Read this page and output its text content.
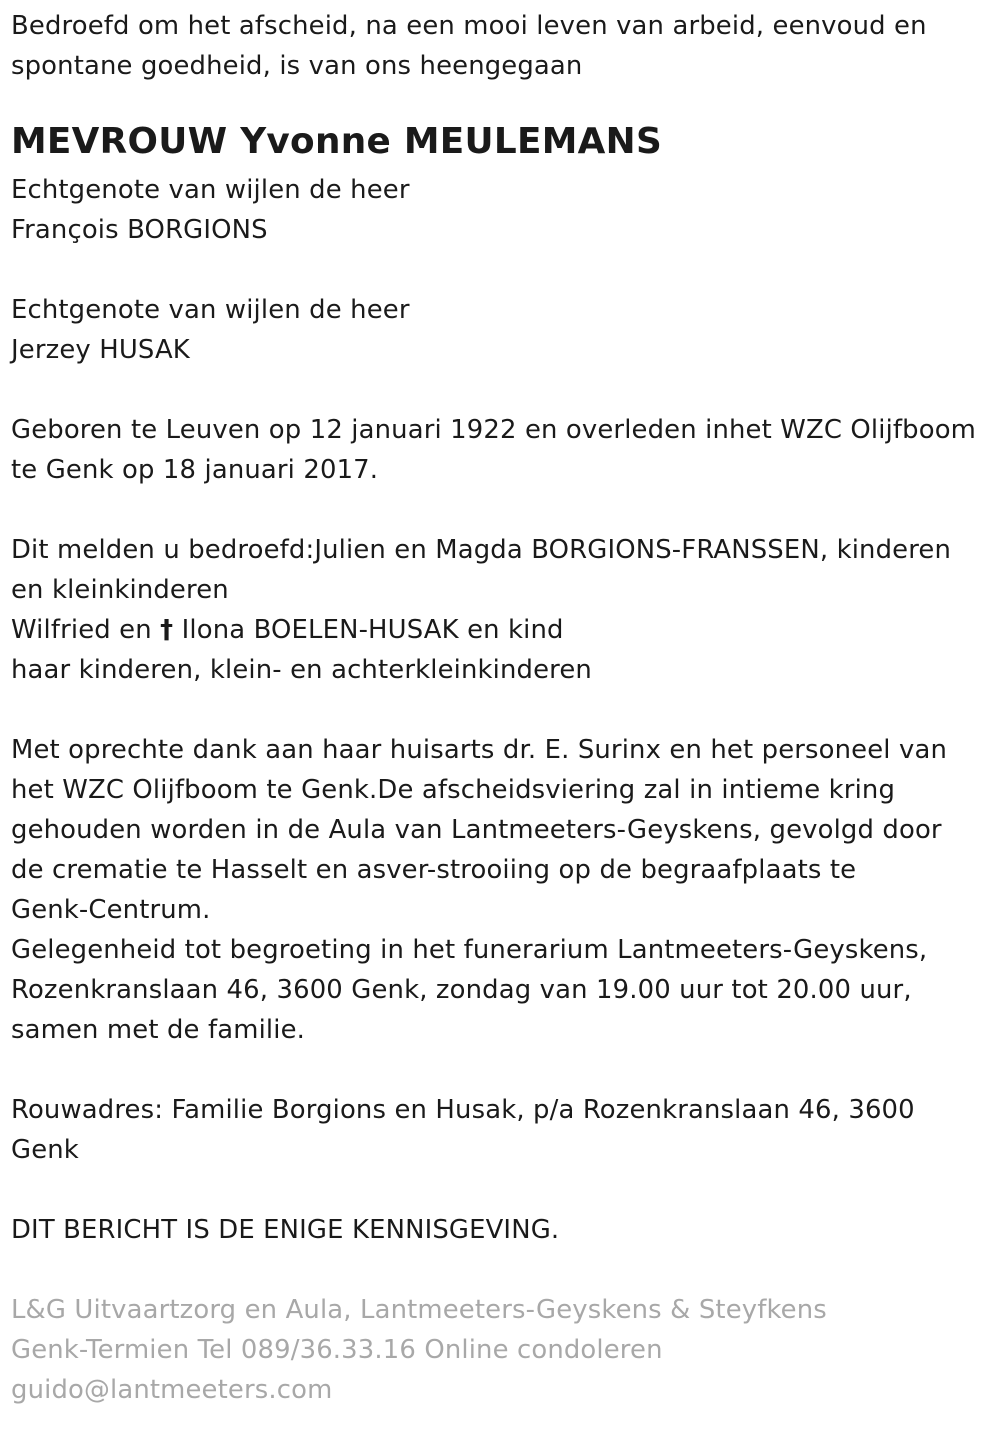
Bedroefd om het afscheid, na een mooi leven van arbeid, eenvoud en
spontane goedheid, is van ons heengegaan
MEVROUW Yvonne MEULEMANS
Echtgenote van wijlen de heer
François BORGIONS
Echtgenote van wijlen de heer
Jerzey HUSAK
Geboren te Leuven op 12 januari 1922 en overleden inhet WZC Olijfboom
te Genk op 18 januari 2017.
Dit melden u bedroefd:Julien en Magda BORGIONS-FRANSSEN, kinderen
en kleinkinderen
Wilfried en † Ilona BOELEN-HUSAK en kind
haar kinderen, klein- en achterkleinkinderen
Met oprechte dank aan haar huisarts dr. E. Surinx en het personeel van
het WZC Olijfboom te Genk.De afscheidsviering zal in intieme kring
gehouden worden in de Aula van Lantmeeters-Geyskens, gevolgd door
de crematie te Hasselt en asver-strooiing op de begraafplaats te
Genk-Centrum.
Gelegenheid tot begroeting in het funerarium Lantmeeters-Geyskens,
Rozenkranslaan 46, 3600 Genk, zondag van 19.00 uur tot 20.00 uur,
samen met de familie.
Rouwadres: Familie Borgions en Husak, p/a Rozenkranslaan 46, 3600
Genk
DIT BERICHT IS DE ENIGE KENNISGEVING.
L&G Uitvaartzorg en Aula, Lantmeeters-Geyskens & Steyfkens
Genk-Termien Tel 089/36.33.16 Online condoleren
guido@lantmeeters.com
